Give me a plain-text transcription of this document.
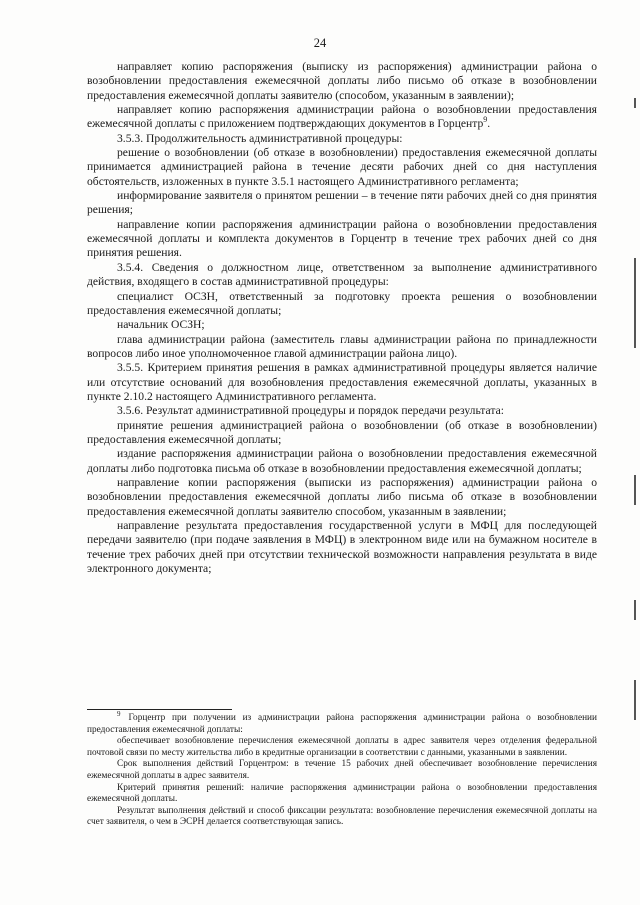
24

направляет копию распоряжения (выписку из распоряжения) администрации района о возобновлении предоставления ежемесячной доплаты либо письмо об отказе в возобновлении предоставления ежемесячной доплаты заявителю (способом, указанным в заявлении);

направляет копию распоряжения администрации района о возобновлении предоставления ежемесячной доплаты с приложением подтверждающих документов в Горцентр$^9$.

3.5.3. Продолжительность административной процедуры:

решение о возобновлении (об отказе в возобновлении) предоставления ежемесячной доплаты принимается администрацией района в течение десяти рабочих дней со дня наступления обстоятельств, изложенных в пункте 3.5.1 настоящего Административного регламента;

информирование заявителя о принятом решении – в течение пяти рабочих дней со дня принятия решения;

направление копии распоряжения администрации района о возобновлении предоставления ежемесячной доплаты и комплекта документов в Горцентр в течение трех рабочих дней со дня принятия решения.

3.5.4. Сведения о должностном лице, ответственном за выполнение административного действия, входящего в состав административной процедуры:

специалист ОСЗН, ответственный за подготовку проекта решения о возобновлении предоставления ежемесячной доплаты;

начальник ОСЗН;

глава администрации района (заместитель главы администрации района по принадлежности вопросов либо иное уполномоченное главой администрации района лицо).

3.5.5. Критерием принятия решения в рамках административной процедуры является наличие или отсутствие оснований для возобновления предоставления ежемесячной доплаты, указанных в пункте 2.10.2 настоящего Административного регламента.

3.5.6. Результат административной процедуры и порядок передачи результата:

принятие решения администрацией района о возобновлении (об отказе в возобновлении) предоставления ежемесячной доплаты;

издание распоряжения администрации района о возобновлении предоставления ежемесячной доплаты либо подготовка письма об отказе в возобновлении предоставления ежемесячной доплаты;

направление копии распоряжения (выписки из распоряжения) администрации района о возобновлении предоставления ежемесячной доплаты либо письма об отказе в возобновлении предоставления ежемесячной доплаты заявителю способом, указанным в заявлении;

направление результата предоставления государственной услуги в МФЦ для последующей передачи заявителю (при подаче заявления в МФЦ) в электронном виде или на бумажном носителе в течение трех рабочих дней при отсутствии технической возможности направления результата в виде электронного документа;

$^9$ Горцентр при получении из администрации района распоряжения администрации района о возобновлении предоставления ежемесячной доплаты:

обеспечивает возобновление перечисления ежемесячной доплаты в адрес заявителя через отделения федеральной почтовой связи по месту жительства либо в кредитные организации в соответствии с данными, указанными в заявлении.

Срок выполнения действий Горцентром: в течение 15 рабочих дней обеспечивает возобновление перечисления ежемесячной доплаты в адрес заявителя.

Критерий принятия решений: наличие распоряжения администрации района о возобновлении предоставления ежемесячной доплаты.

Результат выполнения действий и способ фиксации результата: возобновление перечисления ежемесячной доплаты на счет заявителя, о чем в ЭСРН делается соответствующая запись.
